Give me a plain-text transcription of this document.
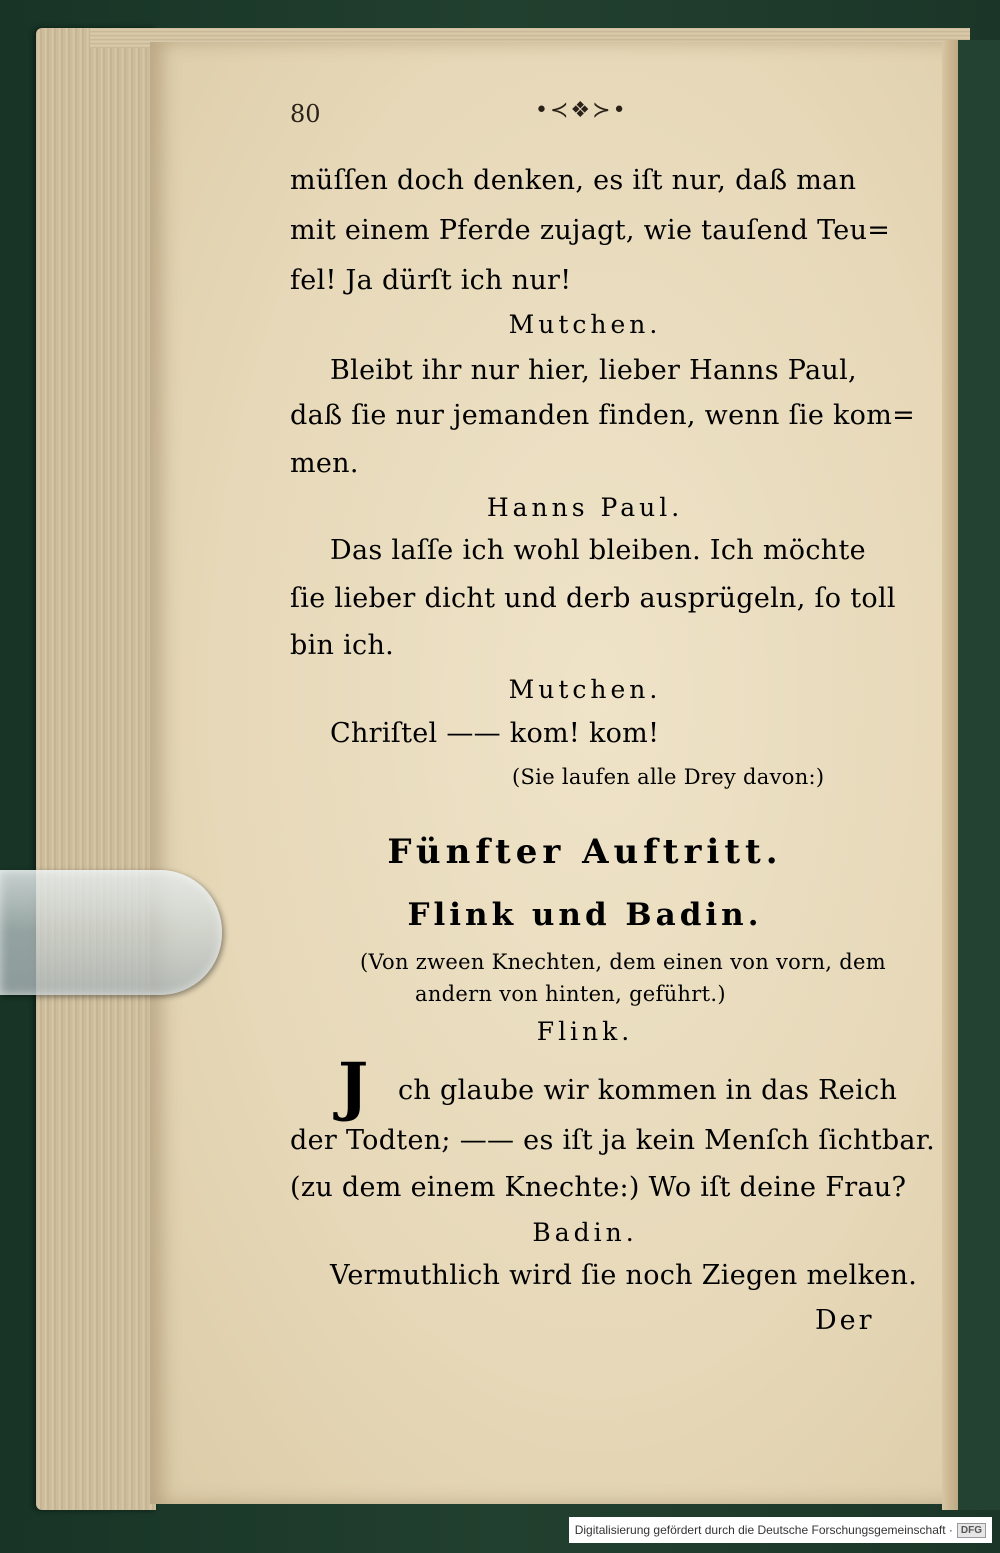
80	•≺❖≻•
müſſen doch denken, es iſt nur, daß man
mit einem Pferde zujagt, wie tauſend Teu=
fel! Ja dürſt ich nur!
Mutchen.
Bleibt ihr nur hier, lieber Hanns Paul,
daß ſie nur jemanden finden, wenn ſie kom=
men.
Hanns Paul.
Das laſſe ich wohl bleiben. Ich möchte
ſie lieber dicht und derb ausprügeln, ſo toll
bin ich.
Mutchen.
Chriſtel —— kom! kom!
(Sie laufen alle Drey davon:)
Fünfter Auftritt.
Flink und Badin.
(Von zween Knechten, dem einen von vorn, dem
andern von hinten, geführt.)
Flink.
J ch glaube wir kommen in das Reich
der Todten; —— es iſt ja kein Menſch ſichtbar.
(zu dem einem Knechte:) Wo iſt deine Frau?
Badin.
Vermuthlich wird ſie noch Ziegen melken.
Der
Digitalisierung gefördert durch die Deutsche Forschungsgemeinschaft · DFG
